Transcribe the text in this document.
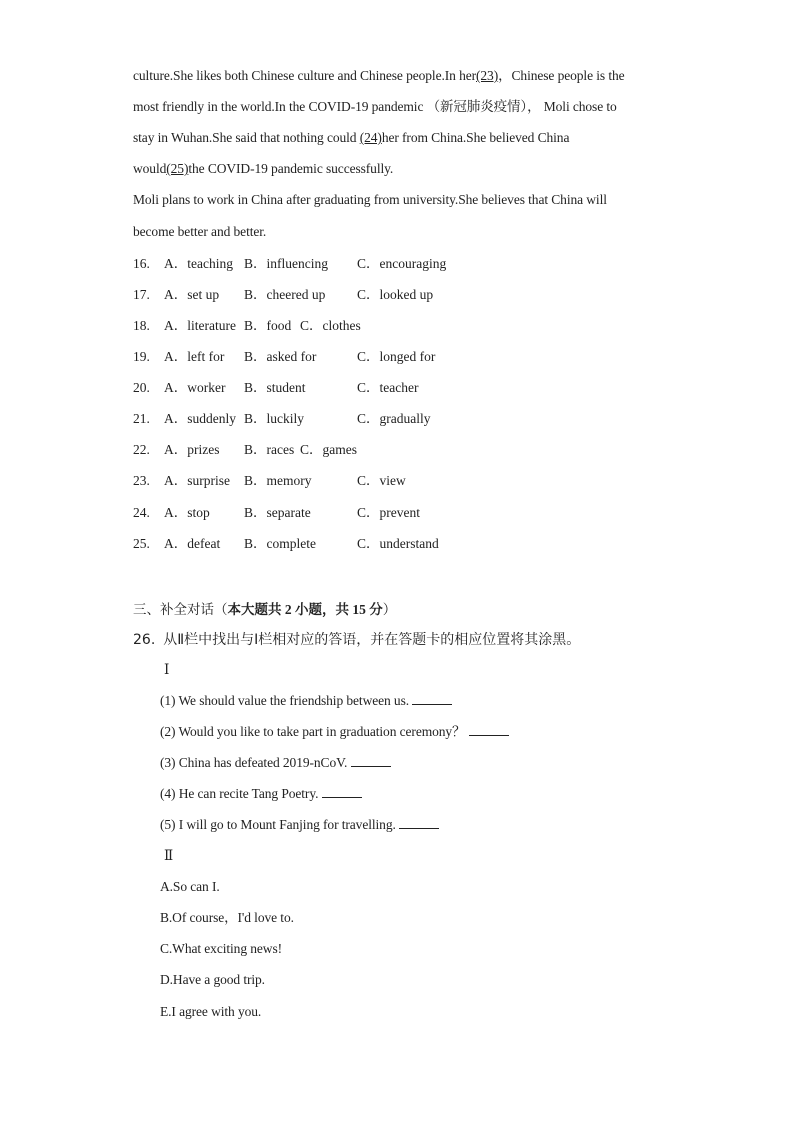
culture.She likes both Chinese culture and Chinese people.In her(23)，Chinese people is the
most friendly in the world.In the COVID-19 pandemic （新冠肺炎疫情）， Moli chose to
stay in Wuhan.She said that nothing could (24)her from China.She believed China
would(25)the COVID-19 pandemic successfully.
Moli plans to work in China after graduating from university.She believes that China will
become better and better.
16. A．teaching B．influencing C．encouraging
17. A．set up B．cheered up C．looked up
18. A．literature B．food C．clothes
19. A．left for B．asked for	C．longed for
20. A．worker B．student	C．teacher
21. A．suddenly B．luckily	C．gradually
22. A．prizes B．races C．games
23. A．surprise B．memory	C．view
24. A．stop	B．separate	C．prevent
25. A．defeat B．complete	C．understand
三、补全对话（本大题共 2 小题，共 15 分）
26. 从Ⅱ栏中找出与Ⅰ栏相对应的答语，并在答题卡的相应位置将其涂黑。
Ⅰ
(1) We should value the friendship between us.
(2) Would you like to take part in graduation ceremony？
(3) China has defeated 2019-nCoV.
(4) He can recite Tang Poetry.
(5) I will go to Mount Fanjing for travelling.
Ⅱ
A.So can I.
B.Of course，I'd love to.
C.What exciting news!
D.Have a good trip.
E.I agree with you.
